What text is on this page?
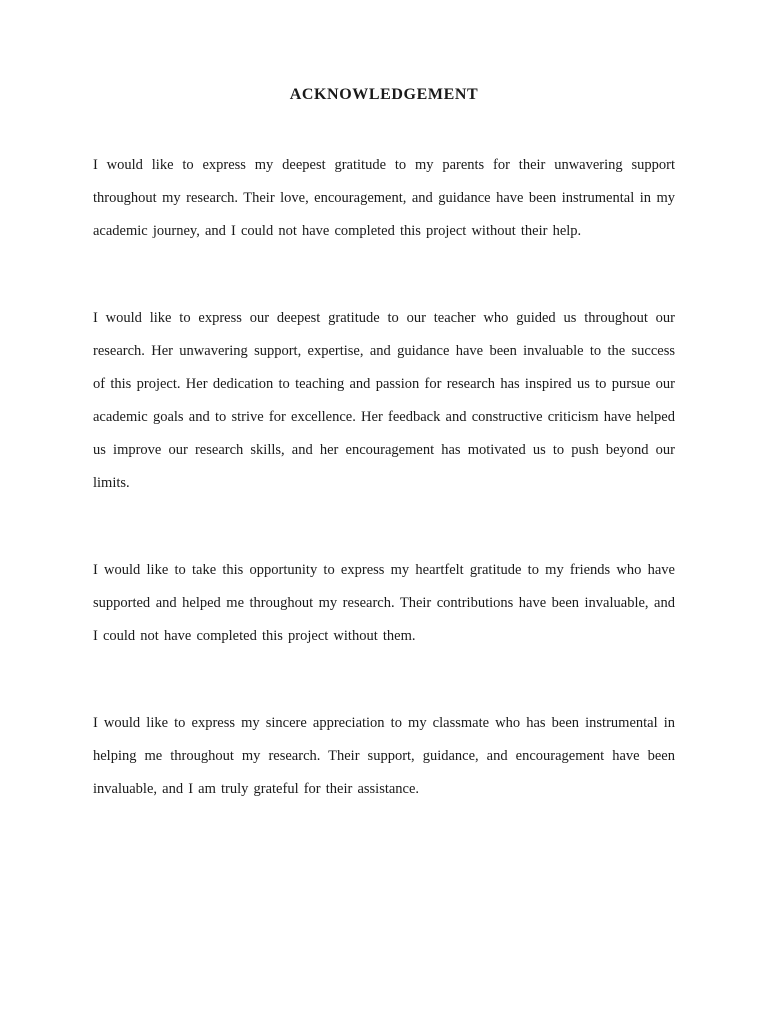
ACKNOWLEDGEMENT

I would like to express my deepest gratitude to my parents for their unwavering support throughout my research. Their love, encouragement, and guidance have been instrumental in my academic journey, and I could not have completed this project without their help.

I would like to express our deepest gratitude to our teacher who guided us throughout our research. Her unwavering support, expertise, and guidance have been invaluable to the success of this project. Her dedication to teaching and passion for research has inspired us to pursue our academic goals and to strive for excellence. Her feedback and constructive criticism have helped us improve our research skills, and her encouragement has motivated us to push beyond our limits.

I would like to take this opportunity to express my heartfelt gratitude to my friends who have supported and helped me throughout my research. Their contributions have been invaluable, and I could not have completed this project without them.

I would like to express my sincere appreciation to my classmate who has been instrumental in helping me throughout my research. Their support, guidance, and encouragement have been invaluable, and I am truly grateful for their assistance.
